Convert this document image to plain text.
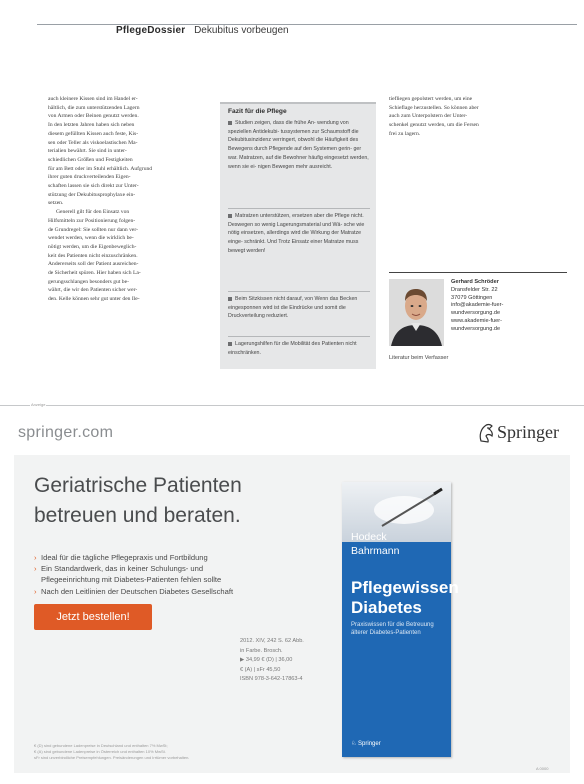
PflegeDossier Dekubitus vorbeugen

auch kleinere Kissen sind im Handel er-

hältlich, die zum unterstützenden Lagern

von Armen oder Beinen genutzt werden.

In den letzten Jahren haben sich neben

diesem gefüllten Kissen auch feste, Kis-

sen oder Teller als viskoelastischen Ma-

terialien bewährt. Sie sind in unter-

schiedlichen Größen und Festigkeiten

für am Bett oder im Stuhl erhältlich. Aufgrund

ihrer guten druckverteilenden Eigen-

schaften lassen sie sich direkt zur Unter-

stützung der Dekubitusprophylaxe ein-

setzen.

Generell gilt für den Einsatz von

Hilfsmitteln zur Positionierung folgen-

de Grundregel: Sie sollten nur dann ver-

wendet werden, wenn die wirklich be-

nötigt werden, um die Eigenbeweglich-

keit des Patienten nicht einzuschränken.

Andererseits soll der Patient ausreichen-

de Sicherheit spüren. Hier haben sich La-

gerungsschlangen besonders gut be-

währt, die wir den Patienten sicher wer-

den. Kelle können sehr gut unter den Ile-

Fazit für die Pflege
Studien zeigen, dass die frühe An- wendung von speziellen Antidekubi- tussystemen zur Schaumstoff die Dekubitusinzidenz verringert, obwohl die Häufigkeit des Bewegens durch Pflegende auf den Systemen gerin- ger war. Matratzen, auf die Bewohner häufig eingesetzt werden, wenn sie ei- nigen Bewegen mehr ausreicht.
Matratzen unterstützen, ersetzen aber die Pflege nicht. Deswegen so wenig Lagerungsmaterial und Wä- sche wie nötig einsetzen, allerdings wird die Wirkung der Matratze einge- schränkt. Und Trotz Einsatz einer Matratze muss bewegt werden!
Beim Sitzkissen nicht darauf, von Wenn das Becken eingesponnen wird ist die Eindrücke und somit die Druckverteilung reduziert.
Lagerungshilfen für die Mobilität des Patienten nicht einschränken.

tiefliegen gepolstert werden, um eine

Schieflage herzustellen. So können aber

auch zum Unterpolstern der Unter-

schenkel genutzt werden, um die Fersen

frei zu lagern.

Gerhard Schröder
Dransfelder Str. 22
37079 Göttingen
info@akademie-fuer-
wundversorgung.de
www.akademie-fuer-
wundversorgung.de
Literatur beim Verfasser
Anzeige
springer.com	Springer
Geriatrische Patienten
betreuen und beraten.
› Ideal für die tägliche Pflegepraxis und Fortbildung
› Ein Standardwerk, das in keiner Schulungs- und
Pflegeeinrichtung mit Diabetes-Patienten fehlen sollte
› Nach den Leitlinien der Deutschen Diabetes Gesellschaft
Jetzt bestellen!
2012. XIV, 242 S. 62 Abb.
in Farbe. Brosch.
▶ 34,99 € (D) | 36,00
€ (A) | sFr 45,50
ISBN 978-3-642-17863-4
Hodeck
Bahrmann
Pflegewissen
Diabetes
Praxiswissen für die Betreuung älterer Diabetes-Patienten
♘ Springer
€ (D) sind gebundene Ladenpreise in Deutschland und enthalten 7% MwSt;
€ (A) sind gebundene Ladenpreise in Österreich und enthalten 10% MwSt.
sFr sind unverbindliche Preisempfehlungen. Preisänderungen und Irrtümer vorbehalten.
A 0000
